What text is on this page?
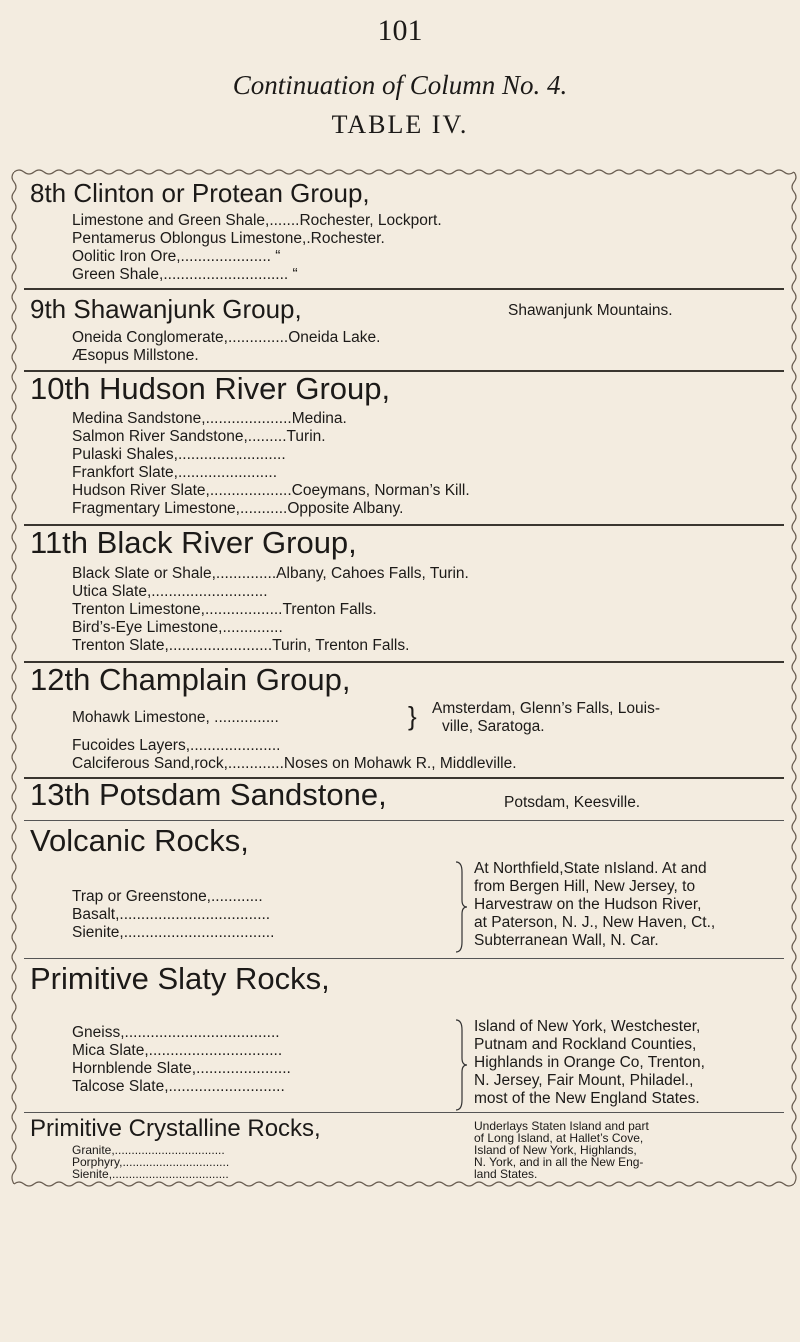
101
Continuation of Column No. 4.
TABLE IV.
8th Clinton or Protean Group,
Limestone and Green Shale,.......Rochester, Lockport.
Pentamerus Oblongus Limestone,.Rochester.
Oolitic Iron Ore,..................... “
Green Shale,............................. “
9th Shawanjunk Group,	Shawanjunk Mountains.
Oneida Conglomerate,..............Oneida Lake.
Æsopus Millstone.
10th Hudson River Group,
Medina Sandstone,....................Medina.
Salmon River Sandstone,.........Turin.
Pulaski Shales,.........................
Frankfort Slate,.......................
Hudson River Slate,...................Coeymans, Norman’s Kill.
Fragmentary Limestone,...........Opposite Albany.
11th Black River Group,
Black Slate or Shale,..............Albany, Cahoes Falls, Turin.
Utica Slate,...........................
Trenton Limestone,..................Trenton Falls.
Bird’s-Eye Limestone,..............
Trenton Slate,........................Turin, Trenton Falls.
12th Champlain Group,
Mohawk Limestone, ...............	} Amsterdam, Glenn’s Falls, Louis-
ville, Saratoga.
Fucoides Layers,.....................
Calciferous Sand,rock,.............Noses on Mohawk R., Middleville.
13th Potsdam Sandstone,	Potsdam, Keesville.
Volcanic Rocks,
Trap or Greenstone,............
Basalt,...................................
Sienite,...................................
At Northfield,State nIsland. At and
from Bergen Hill, New Jersey, to
Harvestraw on the Hudson River,
at Paterson, N. J., New Haven, Ct.,
Subterranean Wall, N. Car.
Primitive Slaty Rocks,
Gneiss,....................................
Mica Slate,...............................
Hornblende Slate,......................
Talcose Slate,...........................
Island of New York, Westchester,
Putnam and Rockland Counties,
Highlands in Orange Co, Trenton,
N. Jersey, Fair Mount, Philadel.,
most of the New England States.
Primitive Crystalline Rocks,
Granite,.................................
Porphyry,................................
Sienite,...................................
Underlays Staten Island and part
of Long Island, at Hallet’s Cove,
Island of New York, Highlands,
N. York, and in all the New Eng-
land States.
